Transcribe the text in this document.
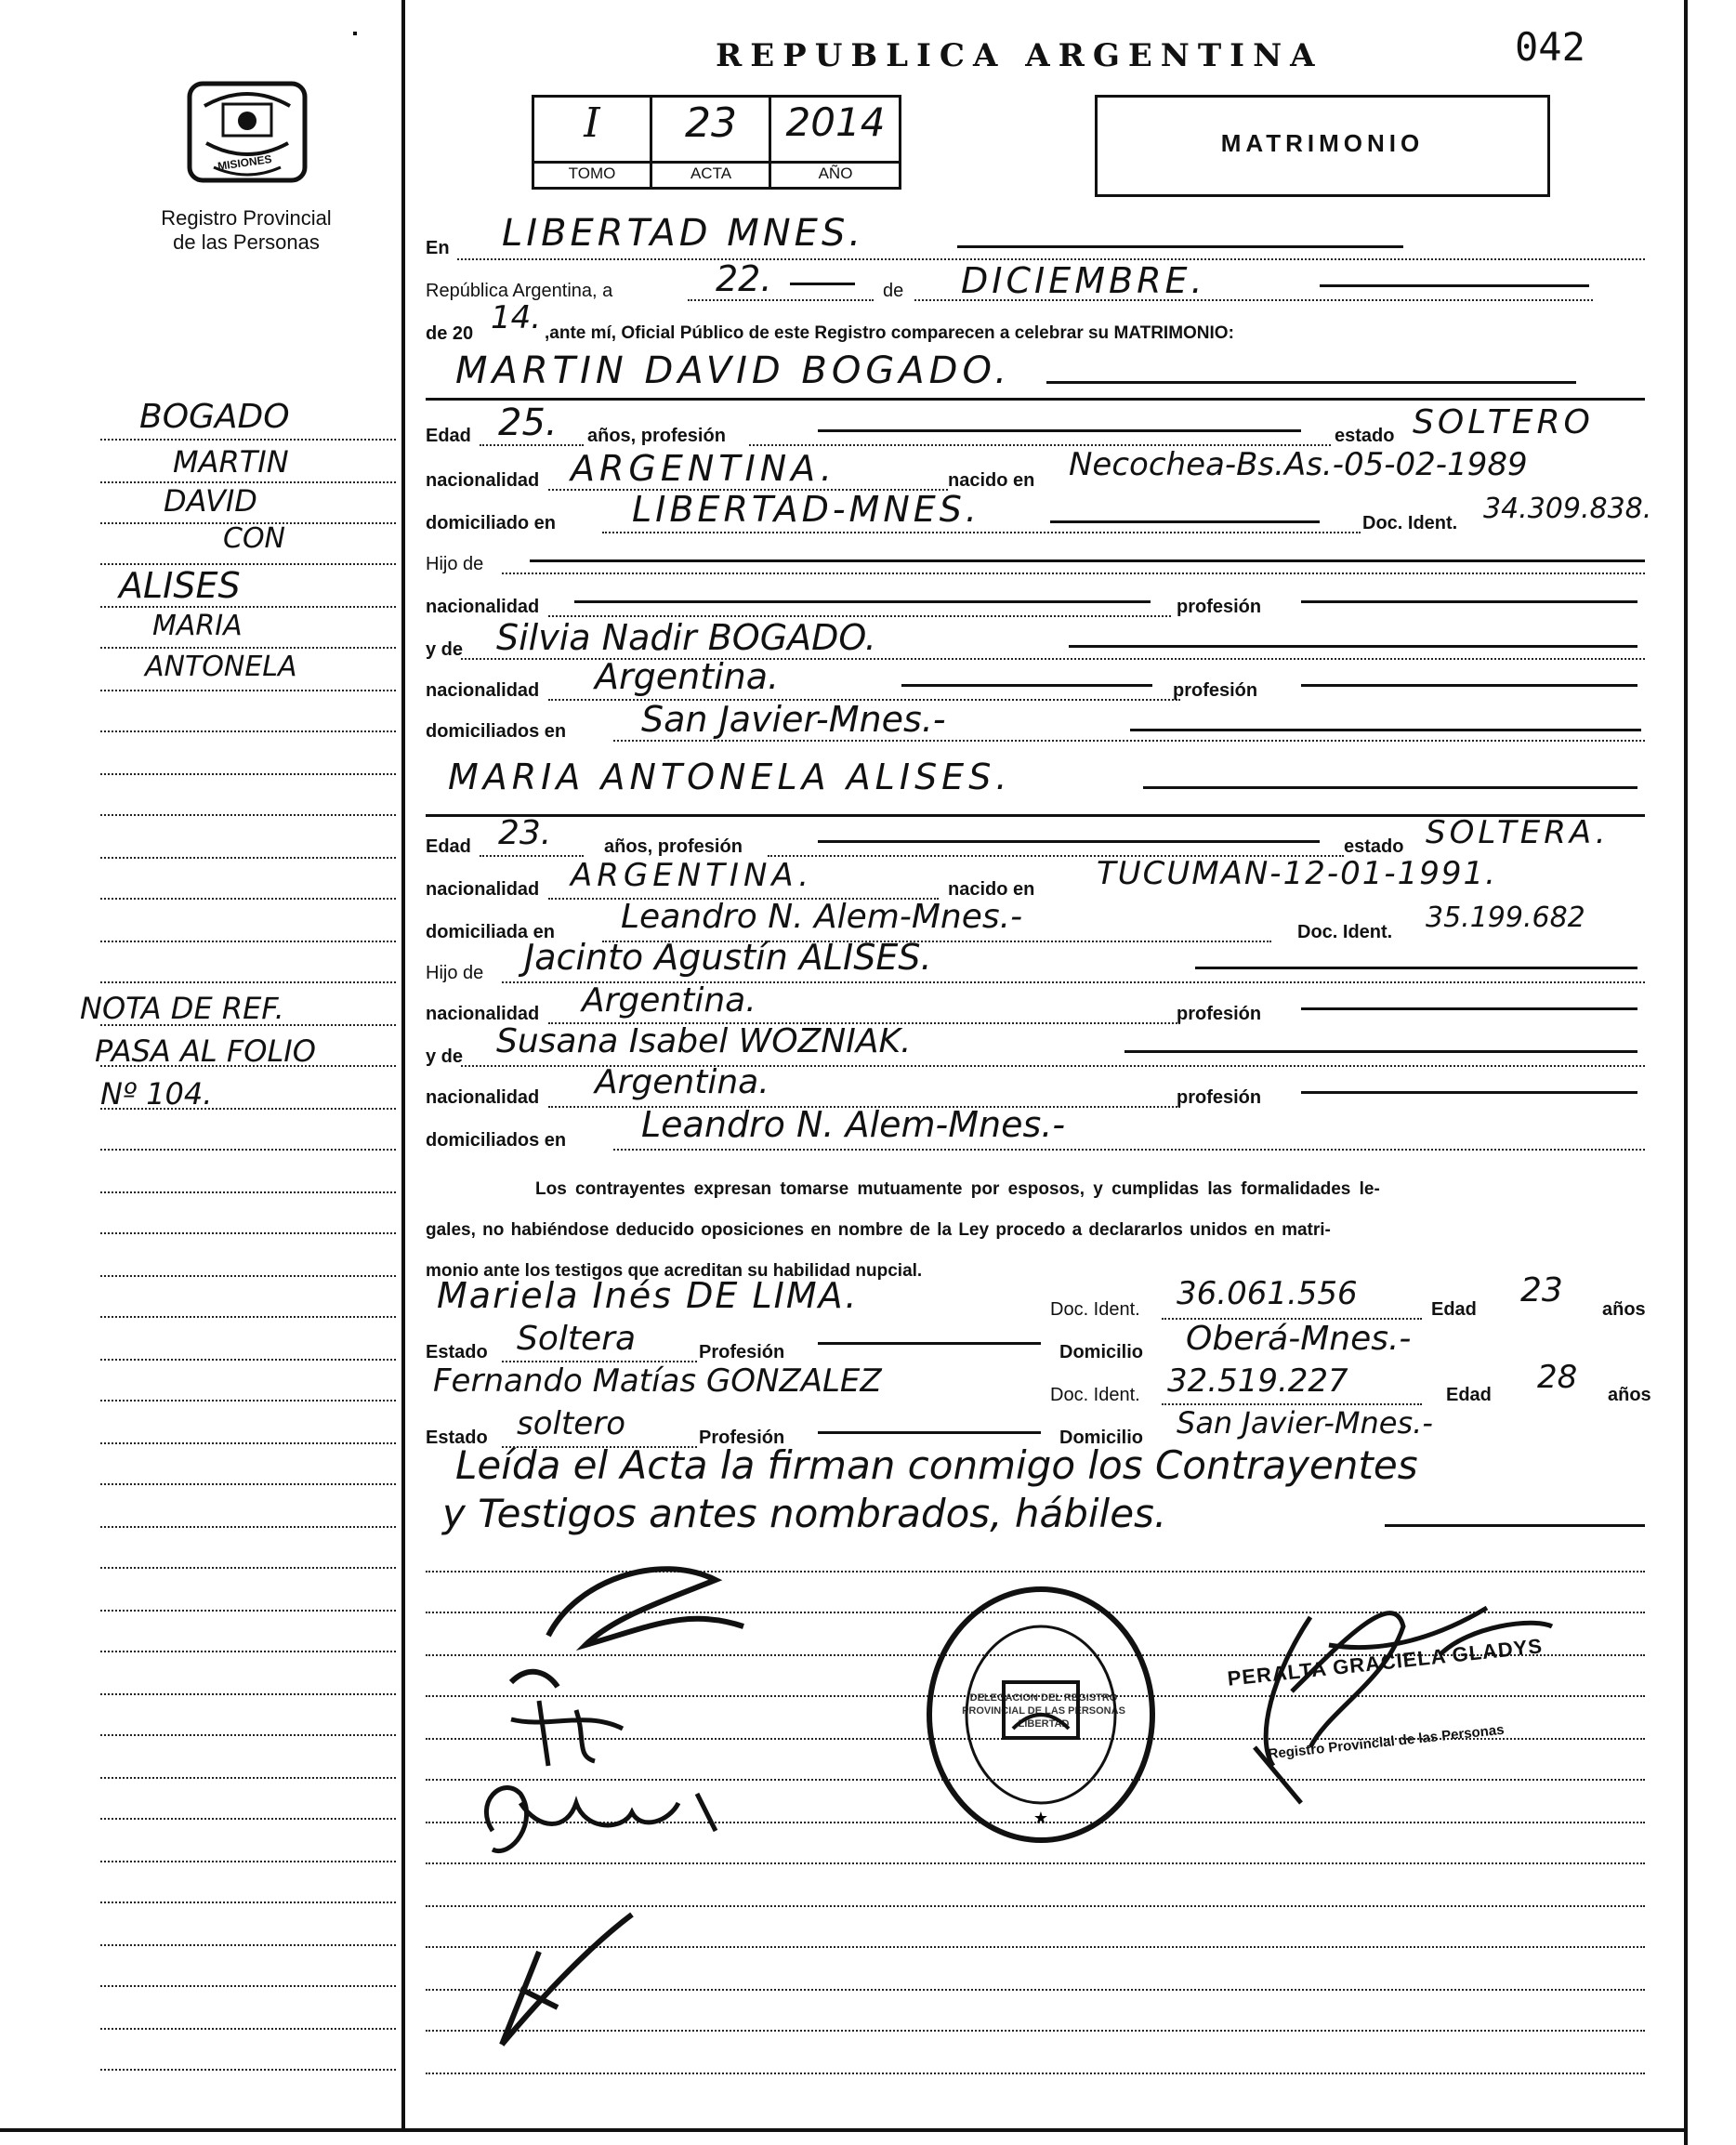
REPUBLICA ARGENTINA	042
MISIONES
Registro Provincial
de las Personas
I	23	2014
TOMO	ACTA	AÑO
MATRIMONIO
BOGADO
MARTIN
DAVID
CON
ALISES
MARIA
ANTONELA
NOTA DE REF.
PASA AL FOLIO
Nº 104.
En LIBERTAD MNES.
República Argentina, a	22.	de DICIEMBRE.
de 20 14. ,ante mí, Oficial Público de este Registro comparecen a celebrar su MATRIMONIO:
MARTIN DAVID BOGADO.
Edad 25. años, profesión	estado SOLTERO
nacionalidad ARGENTINA.	nacido en Necochea-Bs.As.-05-02-1989
domiciliado en LIBERTAD-MNES.	Doc. Ident. 34.309.838.
Hijo de
nacionalidad	profesión
y de Silvia Nadir BOGADO.
nacionalidad Argentina.	profesión
domiciliados en San Javier-Mnes.-
MARIA ANTONELA ALISES.
Edad 23.	años, profesión	estado SOLTERA.
nacionalidad ARGENTINA.	nacido en TUCUMAN-12-01-1991.
domiciliada en Leandro N. Alem-Mnes.-	Doc. Ident. 35.199.682
Hijo de Jacinto Agustín ALISES.
nacionalidad Argentina.	profesión
y de Susana Isabel WOZNIAK.
nacionalidad Argentina.	profesión
domiciliados en Leandro N. Alem-Mnes.-
Los contrayentes expresan tomarse mutuamente por esposos, y cumplidas las formalidades le-
gales, no habiéndose deducido oposiciones en nombre de la Ley procedo a declararlos unidos en matri-
monio ante los testigos que acreditan su habilidad nupcial.
Mariela Inés DE LIMA.	Doc. Ident. 36.061.556	Edad 23 años
Estado Soltera	Profesión	Domicilio Oberá-Mnes.-
Fernando Matías GONZALEZ	Doc. Ident. 32.519.227	Edad 28 años
Estado soltero	Profesión	Domicilio San Javier-Mnes.-
Leída el Acta la firman conmigo los Contrayentes
y Testigos antes nombrados, hábiles.
★
DELEGACION DEL REGISTRO PROVINCIAL DE LAS PERSONAS LIBERTAD
PERALTA GRACIELA GLADYS
Registro Provincial de las Personas
